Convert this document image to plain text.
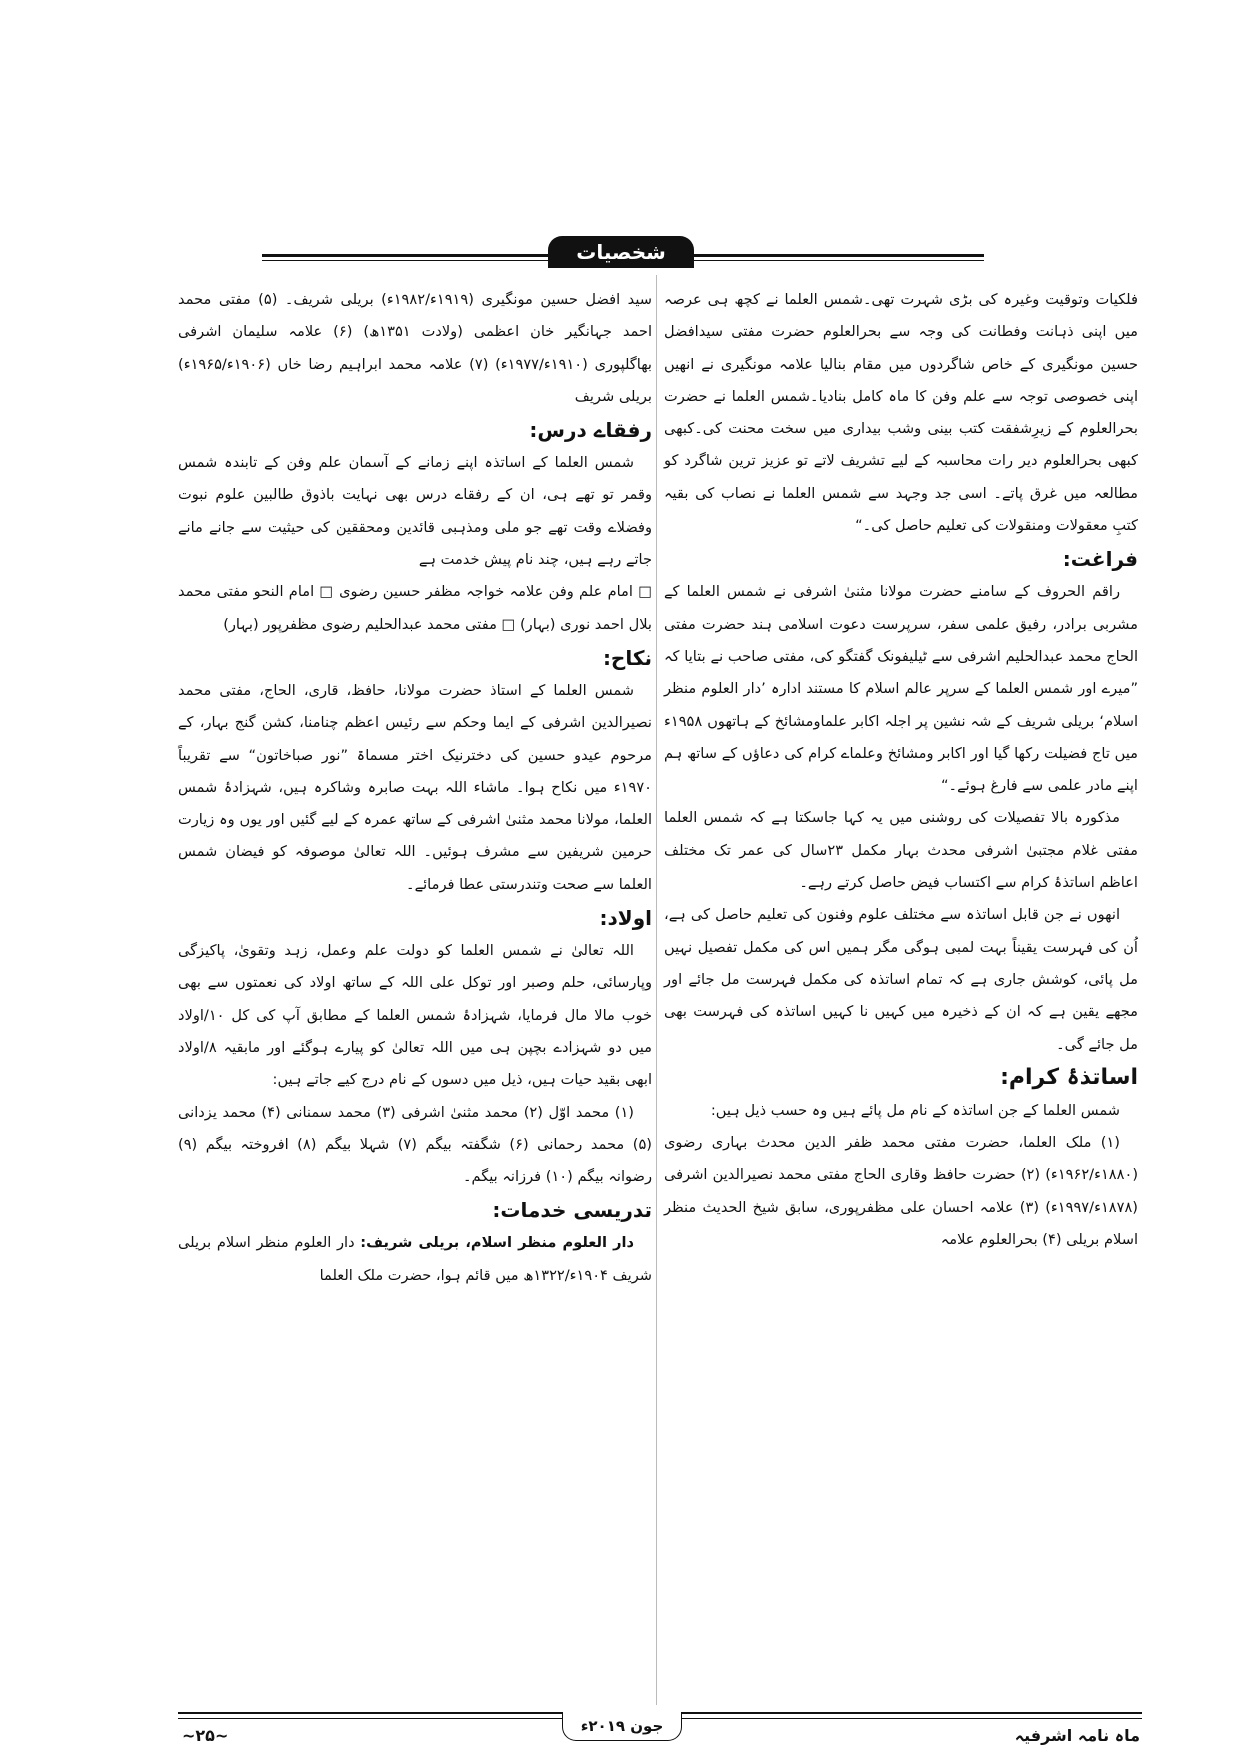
شخصیات

فلکیات وتوقیت وغیرہ کی بڑی شہرت تھی۔شمس العلما نے کچھ ہی عرصہ میں اپنی ذہانت وفطانت کی وجہ سے بحرالعلوم حضرت مفتی سیدافضل حسین مونگیری کے خاص شاگردوں میں مقام بنالیا علامہ مونگیری نے انھیں اپنی خصوصی توجہ سے علم وفن کا ماہ کامل بنادیا۔شمس العلما نے حضرت بحرالعلوم کے زیرِشفقت کتب بینی وشب بیداری میں سخت محنت کی۔کبھی کبھی بحرالعلوم دیر رات محاسبہ کے لیے تشریف لاتے تو عزیز ترین شاگرد کو مطالعہ میں غرق پاتے۔ اسی جد وجہد سے شمس العلما نے نصاب کی بقیہ کتبِ معقولات ومنقولات کی تعلیم حاصل کی۔“

فراغت:

راقم الحروف کے سامنے حضرت مولانا مثنیٰ اشرفی نے شمس العلما کے مشربی برادر، رفیق علمی سفر، سرپرست دعوت اسلامی ہند حضرت مفتی الحاج محمد عبدالحلیم اشرفی سے ٹیلیفونک گفتگو کی، مفتی صاحب نے بتایا کہ ”میرے اور شمس العلما کے سرپر عالم اسلام کا مستند ادارہ ’دار العلوم منظر اسلام‘ بریلی شریف کے شہ نشین پر اجلہ اکابر علماومشائخ کے ہاتھوں ۱۹۵۸ء میں تاج فضیلت رکھا گیا اور اکابر ومشائخ وعلماے کرام کی دعاؤں کے ساتھ ہم اپنے مادر علمی سے فارغ ہوئے۔“

مذکورہ بالا تفصیلات کی روشنی میں یہ کہا جاسکتا ہے کہ شمس العلما مفتی غلام مجتبیٰ اشرفی محدث بہار مکمل ۲۳سال کی عمر تک مختلف اعاظم اساتذۂ کرام سے اکتساب فیض حاصل کرتے رہے۔

انھوں نے جن قابل اساتذہ سے مختلف علوم وفنون کی تعلیم حاصل کی ہے، اُن کی فہرست یقیناً بہت لمبی ہوگی مگر ہمیں اس کی مکمل تفصیل نہیں مل پائی، کوشش جاری ہے کہ تمام اساتذہ کی مکمل فہرست مل جائے اور مجھے یقین ہے کہ ان کے ذخیرہ میں کہیں نا کہیں اساتذہ کی فہرست بھی مل جائے گی۔

اساتذۂ کرام:

شمس العلما کے جن اساتذہ کے نام مل پائے ہیں وہ حسب ذیل ہیں:

(۱) ملک العلما، حضرت مفتی محمد ظفر الدین محدث بہاری رضوی (۱۸۸۰ء/۱۹۶۲ء) (۲) حضرت حافظ وقاری الحاج مفتی محمد نصیرالدین اشرفی (۱۸۷۸ء/۱۹۹۷ء) (۳) علامہ احسان علی مظفرپوری، سابق شیخ الحدیث منظر اسلام بریلی (۴) بحرالعلوم علامہ

سید افضل حسین مونگیری (۱۹۱۹ء/۱۹۸۲ء) بریلی شریف۔ (۵) مفتی محمد احمد جہانگیر خان اعظمی (ولادت ۱۳۵۱ھ) (۶) علامہ سلیمان اشرفی بھاگلپوری (۱۹۱۰ء/۱۹۷۷ء) (۷) علامہ محمد ابراہیم رضا خاں (۱۹۰۶ء/۱۹۶۵ء) بریلی شریف

رفقاے درس:

شمس العلما کے اساتذہ اپنے زمانے کے آسمان علم وفن کے تابندہ شمس وقمر تو تھے ہی، ان کے رفقاے درس بھی نہایت باذوق طالبین علوم نبوت وفضلاے وقت تھے جو ملی ومذہبی قائدین ومحققین کی حیثیت سے جانے مانے جاتے رہے ہیں، چند نام پیش خدمت ہے

□ امام علم وفن علامہ خواجہ مظفر حسین رضوی □ امام النحو مفتی محمد بلال احمد نوری (بہار) □ مفتی محمد عبدالحلیم رضوی مظفرپور (بہار)

نکاح:

شمس العلما کے استاذ حضرت مولانا، حافظ، قاری، الحاج، مفتی محمد نصیرالدین اشرفی کے ایما وحکم سے رئیس اعظم چنامنا، کشن گنج بہار، کے مرحوم عیدو حسین کی دخترنیک اختر مسماۃ ”نور صباخاتون“ سے تقریباً ۱۹۷۰ء میں نکاح ہوا۔ ماشاء اللہ بہت صابرہ وشاکرہ ہیں، شہزادۂ شمس العلما، مولانا محمد مثنیٰ اشرفی کے ساتھ عمرہ کے لیے گئیں اور یوں وہ زیارت حرمین شریفین سے مشرف ہوئیں۔ اللہ تعالیٰ موصوفہ کو فیضان شمس العلما سے صحت وتندرستی عطا فرمائے۔

اولاد:

اللہ تعالیٰ نے شمس العلما کو دولت علم وعمل، زہد وتقویٰ، پاکیزگی وپارسائی، حلم وصبر اور توکل علی اللہ کے ساتھ اولاد کی نعمتوں سے بھی خوب مالا مال فرمایا، شہزادۂ شمس العلما کے مطابق آپ کی کل ۱۰/اولاد میں دو شہزادے بچپن ہی میں اللہ تعالیٰ کو پیارے ہوگئے اور مابقیہ ۸/اولاد ابھی بقید حیات ہیں، ذیل میں دسوں کے نام درج کیے جاتے ہیں:

(۱) محمد اوّل (۲) محمد مثنیٰ اشرفی (۳) محمد سمنانی (۴) محمد یزدانی (۵) محمد رحمانی (۶) شگفتہ بیگم (۷) شہلا بیگم (۸) افروختہ بیگم (۹) رضوانہ بیگم (۱۰) فرزانہ بیگم۔

تدریسی خدمات:

دار العلوم منظر اسلام، بریلی شریف: دار العلوم منظر اسلام بریلی شریف ۱۹۰۴ء/۱۳۲۲ھ میں قائم ہوا، حضرت ملک العلما

جون ۲۰۱۹ء
~۲۵~	ماہ نامہ اشرفیہ
